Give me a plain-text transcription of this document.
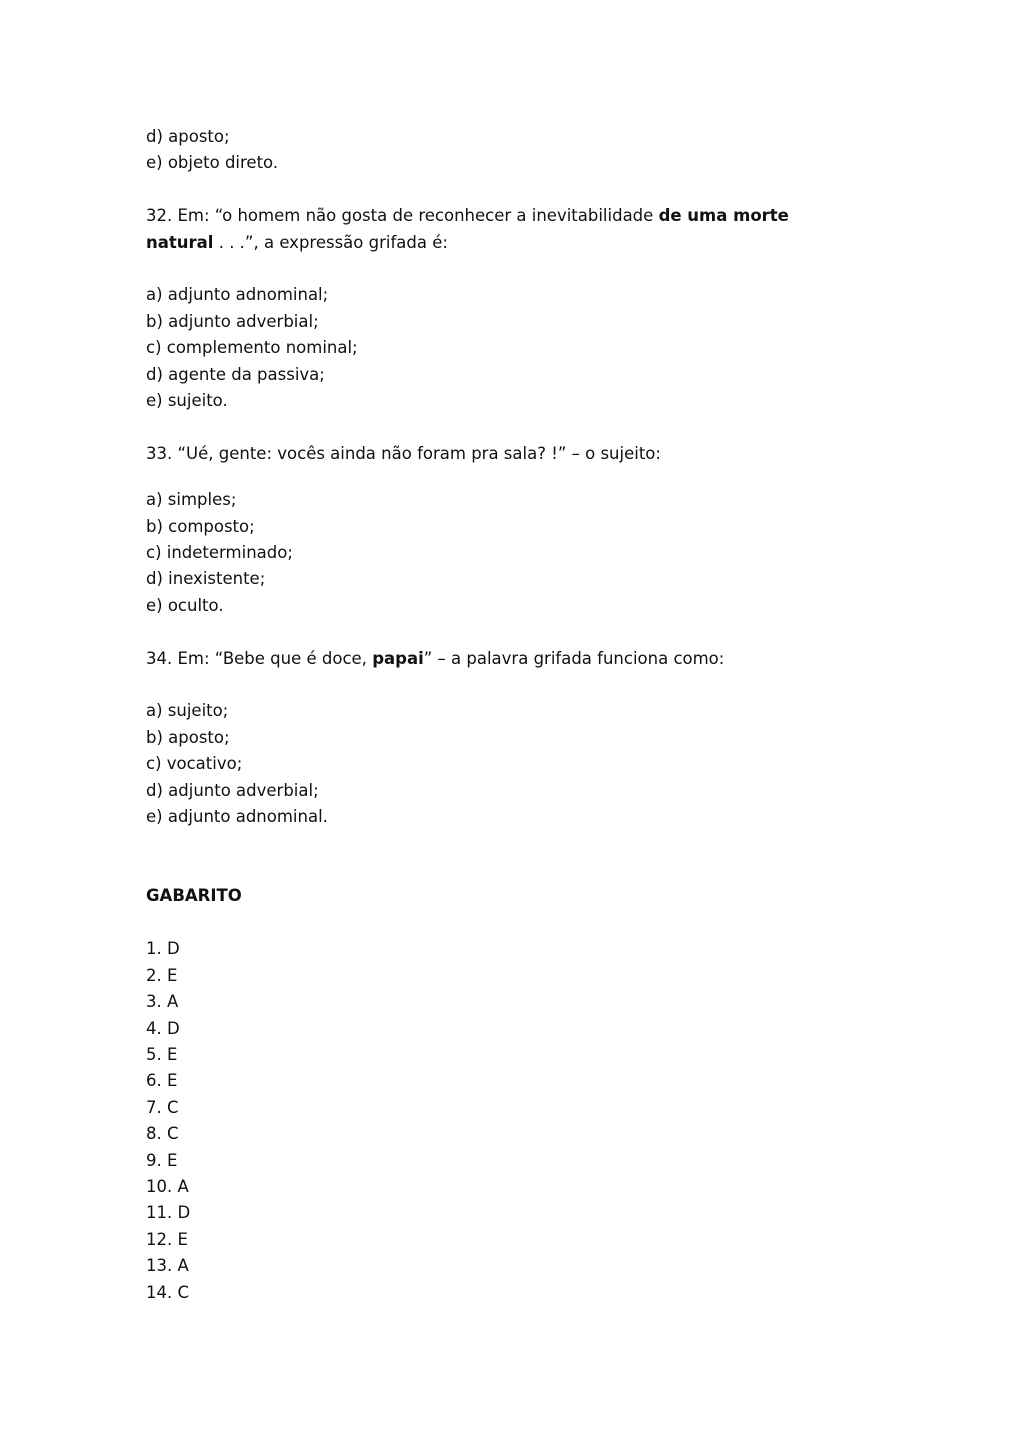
d) aposto;

e) objeto direto.

32. Em: “o homem não gosta de reconhecer a inevitabilidade de uma morte

natural . . .”, a expressão grifada é:

a) adjunto adnominal;

b) adjunto adverbial;

c) complemento nominal;

d) agente da passiva;

e) sujeito.

33. “Ué, gente: vocês ainda não foram pra sala? !” – o sujeito:

a) simples;

b) composto;

c) indeterminado;

d) inexistente;

e) oculto.

34. Em: “Bebe que é doce, papai” – a palavra grifada funciona como:

a) sujeito;

b) aposto;

c) vocativo;

d) adjunto adverbial;

e) adjunto adnominal.

GABARITO

1. D

2. E

3. A

4. D

5. E

6. E

7. C

8. C

9. E

10. A

11. D

12. E

13. A

14. C
